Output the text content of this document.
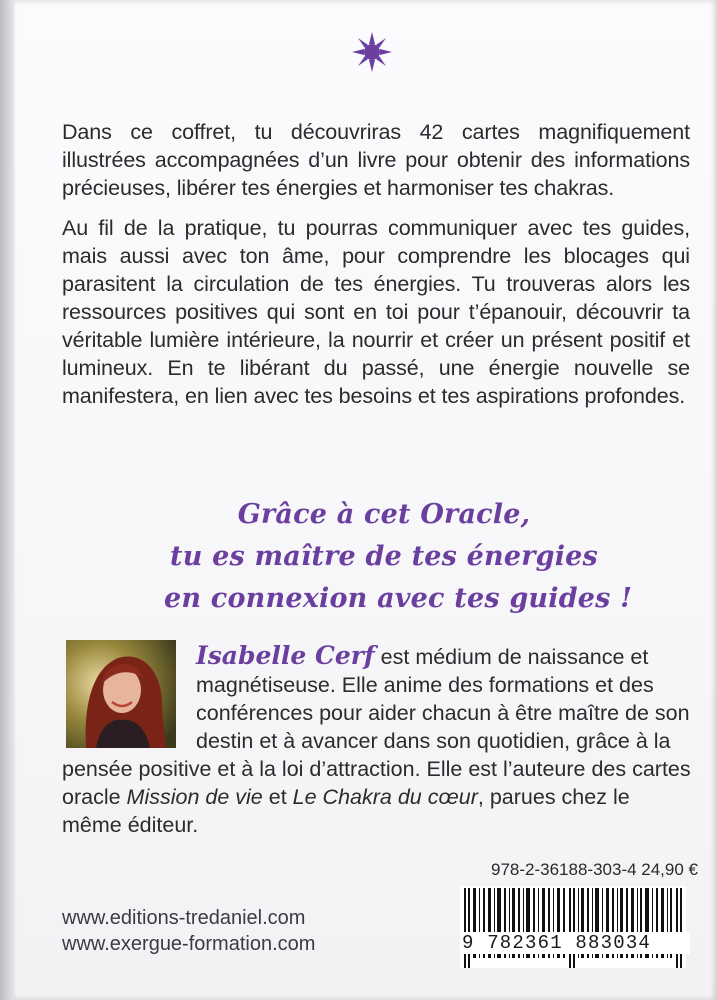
Dans ce coffret, tu découvriras 42 cartes magnifiquement illustrées accompagnées d’un livre pour obtenir des informations précieuses, libérer tes énergies et harmoniser tes chakras.

Au fil de la pratique, tu pourras communiquer avec tes guides, mais aussi avec ton âme, pour comprendre les blocages qui parasitent la circulation de tes énergies. Tu trouveras alors les ressources positives qui sont en toi pour t’épanouir, découvrir ta véritable lumière intérieure, la nourrir et créer un présent positif et lumineux. En te libérant du passé, une énergie nouvelle se manifestera, en lien avec tes besoins et tes aspirations profondes.

Grâce à cet Oracle,
tu es maître de tes énergies
en connexion avec tes guides !
Isabelle Cerf est médium de naissance et magnétiseuse. Elle anime des formations et des conférences pour aider chacun à être maître de son destin et à avancer dans son quotidien, grâce à la pensée positive et à la loi d’attraction. Elle est l’auteure des cartes oracle Mission de vie et Le Chakra du cœur, parues chez le même éditeur.
978-2-36188-303-4 24,90 €
9 782361 883034
www.editions-tredaniel.com
www.exergue-formation.com
